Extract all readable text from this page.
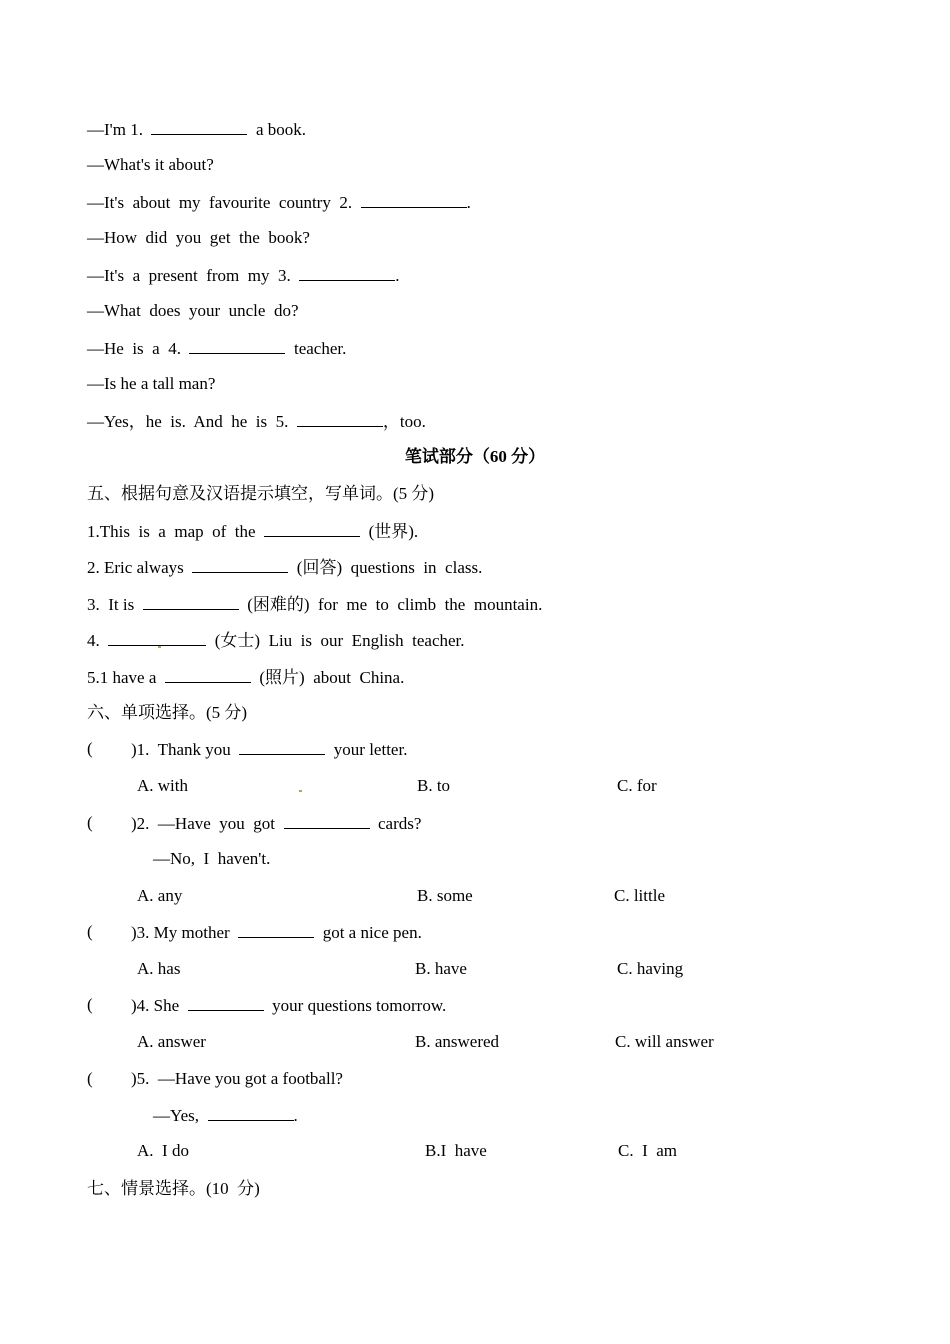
—I'm 1.	a book.
—What's it about?
—It's  about  my  favourite  country  2.	.
—How  did  you  get  the  book?
—It's  a  present  from  my  3.	.
—What  does  your  uncle  do?
—He  is  a  4.	teacher.
—Is he a tall man?
—Yes，he  is.  And  he  is  5.	，too.
笔试部分（60 分）
五、根据句意及汉语提示填空，写单词。(5 分)
1.This  is  a  map  of  the	(世界).
2. Eric always	(回答)  questions  in  class.
3.  It is	(困难的)  for  me  to  climb  the  mountain.
4.	(女士)  Liu  is  our  English  teacher.
5.1 have a	(照片)  about  China.
六、单项选择。(5 分)
( )1.  Thank you	your letter.
A. with	B. to	C. for
( )2.  —Have  you  got	cards?
—No,  I  haven't.
A. any	B. some	C. little
( )3. My mother	got a nice pen.
A. has	B. have	C. having
( )4. She	your questions tomorrow.
A. answer	B. answered	C. will answer
( )5.  —Have you got a football?
—Yes,	.
A.  I do	B.I  have	C.  I  am
七、情景选择。(10  分)
